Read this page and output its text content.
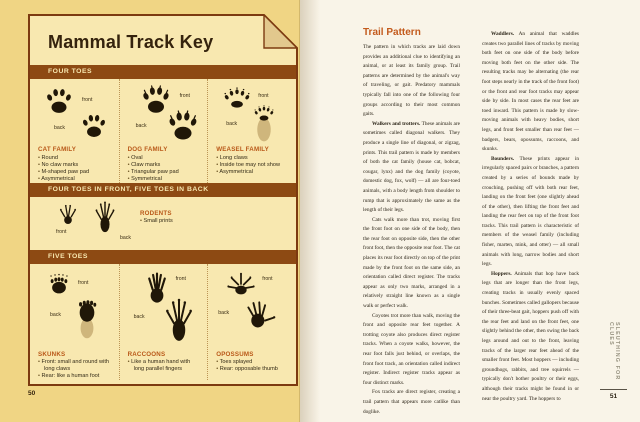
Mammal Track Key
FOUR TOES
front
back
CAT FAMILY
• Round
• No claw marks
• M-shaped paw pad
• Asymmetrical
front
back
DOG FAMILY
• Oval
• Claw marks
• Triangular paw pad
• Symmetrical
front
back
WEASEL FAMILY
• Long claws
• Inside toe may not show
• Asymmetrical
FOUR TOES IN FRONT, FIVE TOES IN BACK
front
back
RODENTS
• Small prints
FIVE TOES
front
back
SKUNKS
• Front: small and round with long claws
• Rear: like a human foot
front
back
RACCOONS
• Like a human hand with long parallel fingers
front
back
OPOSSUMS
• Toes splayed
• Rear: opposable thumb
50
Trail Pattern

The pattern in which tracks are laid down provides an additional clue to identifying an animal, or at least its family group. Trail patterns are determined by the animal's way of traveling, or gait. Predatory mammals typically fall into one of the following four groups according to their most common gaits.

Walkers and trotters. These animals are sometimes called diagonal walkers. They produce a single line of diagonal, or zigzag, prints. This trail pattern is made by members of both the cat family (house cat, bobcat, cougar, lynx) and the dog family (coyote, domestic dog, fox, wolf) — all are four-toed animals, with a body length from shoulder to rump that is approximately the same as the length of their legs.

Cats walk more than trot, moving first the front foot on one side of the body, then the rear foot on opposite side, then the other front foot, then the opposite rear foot. The cat places its rear foot directly on top of the print made by the front foot on the same side, an orientation called direct register. The tracks appear as only two marks, arranged in a relatively straight line known as a single walk or perfect walk.

Coyotes trot more than walk, moving the front and opposite rear feet together. A trotting coyote also produces direct register tracks. When a coyote walks, however, the rear foot falls just behind, or overlaps, the front foot track, an orientation called indirect register. Indirect register tracks appear as four distinct marks.

Fox tracks are direct register, creating a trail pattern that appears more catlike than doglike.

Waddlers. An animal that waddles creates two parallel lines of tracks by moving both feet on one side of the body before moving both feet on the other side. The resulting tracks may be alternating (the rear foot steps nearly in the track of the front foot) or the front and rear foot tracks may appear side by side. In most cases the rear feet are toed inward. This pattern is made by slow-moving animals with heavy bodies, short legs, and front feet smaller than rear feet — badgers, bears, opossums, raccoons, and skunks.

Bounders. These prints appear in irregularly spaced pairs or branches, a pattern created by a series of bounds made by crouching, pushing off with both rear feet, landing on the front feet (one slightly ahead of the other), then lifting the front feet and landing the rear feet on top of the front foot tracks. This trail pattern is characteristic of members of the weasel family (including fisher, marten, mink, and otter) — all small animals with long, narrow bodies and short legs.

Hoppers. Animals that hop have back legs that are longer than the front legs, creating tracks in usually evenly spaced bunches. Sometimes called gallopers because of their three-beat gait, hoppers push off with the rear feet and land on the front feet, one slightly behind the other, then swing the back legs around and out to the front, leaving tracks of the larger rear feet ahead of the smaller front feet. Most hoppers — including groundhogs, rabbits, and tree squirrels — typically don't bother poultry or their eggs, although their tracks might be found in or near the poultry yard. The hoppers to

SLEUTHING FOR CLUES
51
